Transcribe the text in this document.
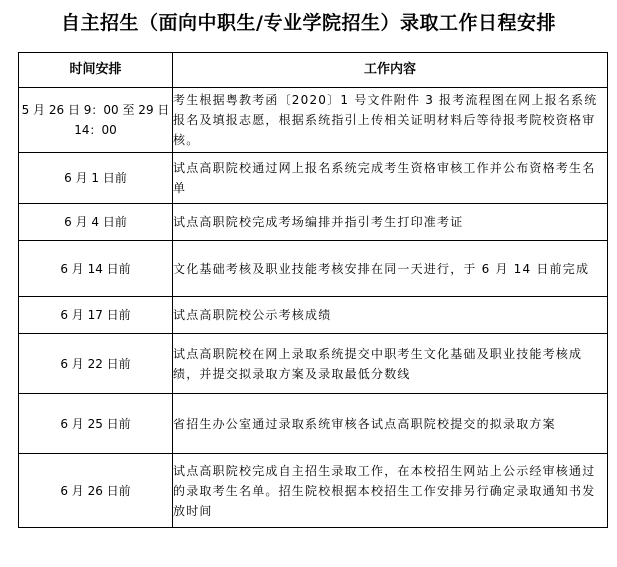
自主招生（面向中职生/专业学院招生）录取工作日程安排
时间安排	工作内容
5 月 26 日 9：00 至 29 日 14：00	考生根据粤教考函〔2020〕1 号文件附件 3 报考流程图在网上报名系统报名及填报志愿，根据系统指引上传相关证明材料后等待报考院校资格审核。
6 月 1 日前	试点高职院校通过网上报名系统完成考生资格审核工作并公布资格考生名单
6 月 4 日前	试点高职院校完成考场编排并指引考生打印准考证
6 月 14 日前	文化基础考核及职业技能考核安排在同一天进行，于 6 月 14 日前完成
6 月 17 日前	试点高职院校公示考核成绩
6 月 22 日前	试点高职院校在网上录取系统提交中职考生文化基础及职业技能考核成绩，并提交拟录取方案及录取最低分数线
6 月 25 日前	省招生办公室通过录取系统审核各试点高职院校提交的拟录取方案
6 月 26 日前	试点高职院校完成自主招生录取工作，在本校招生网站上公示经审核通过的录取考生名单。招生院校根据本校招生工作安排另行确定录取通知书发放时间
